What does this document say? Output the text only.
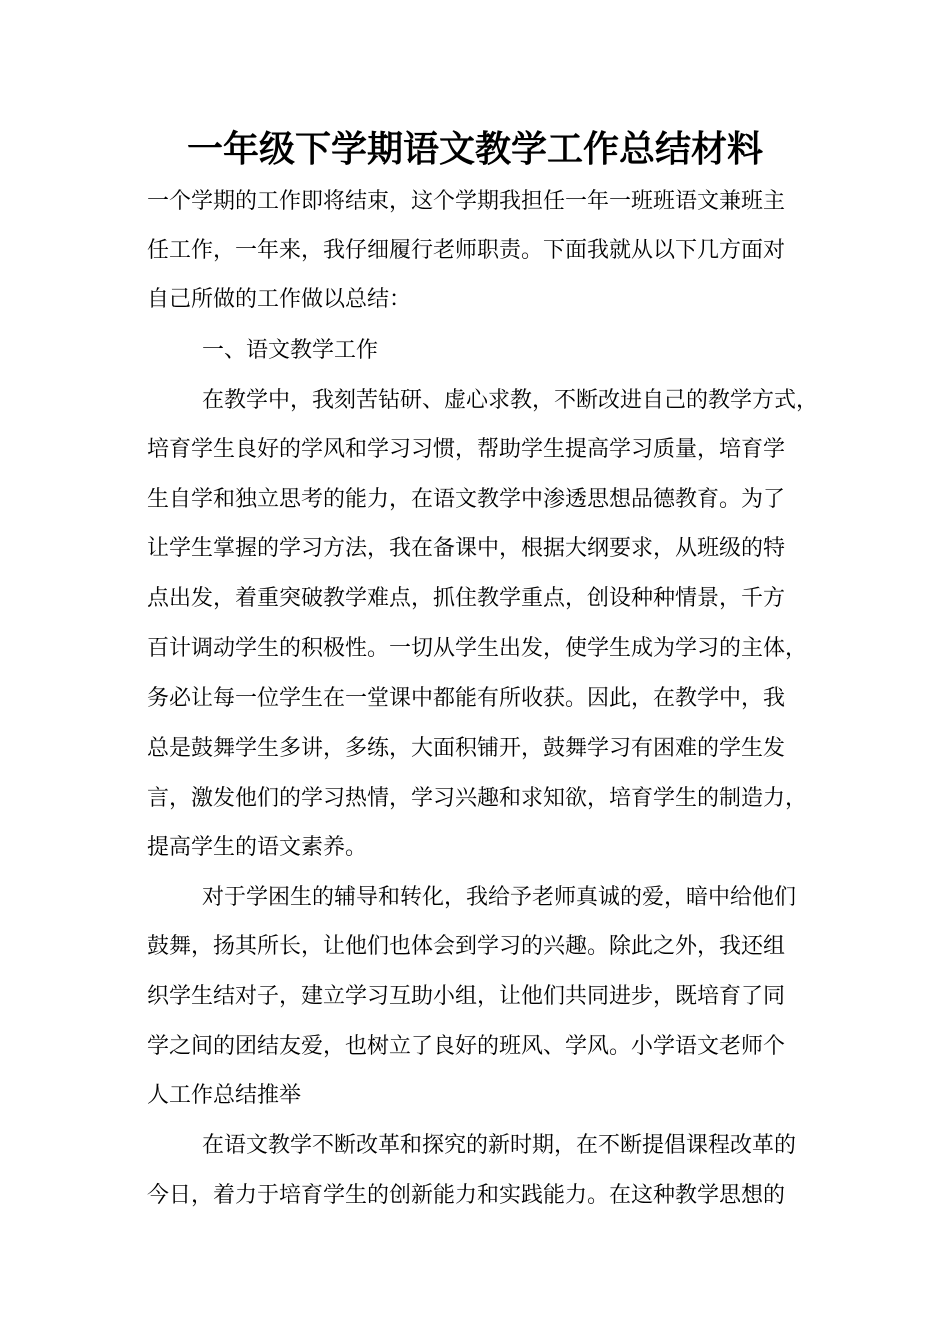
一年级下学期语文教学工作总结材料
一个学期的工作即将结束，这个学期我担任一年一班班语文兼班主
任工作，一年来，我仔细履行老师职责。下面我就从以下几方面对
自己所做的工作做以总结：
一、语文教学工作
在教学中，我刻苦钻研、虚心求教，不断改进自己的教学方式，
培育学生良好的学风和学习习惯，帮助学生提高学习质量，培育学
生自学和独立思考的能力，在语文教学中渗透思想品德教育。为了
让学生掌握的学习方法，我在备课中，根据大纲要求，从班级的特
点出发，着重突破教学难点，抓住教学重点，创设种种情景，千方
百计调动学生的积极性。一切从学生出发，使学生成为学习的主体，
务必让每一位学生在一堂课中都能有所收获。因此，在教学中，我
总是鼓舞学生多讲，多练，大面积铺开，鼓舞学习有困难的学生发
言，激发他们的学习热情，学习兴趣和求知欲，培育学生的制造力，
提高学生的语文素养。
对于学困生的辅导和转化，我给予老师真诚的爱，暗中给他们
鼓舞，扬其所长，让他们也体会到学习的兴趣。除此之外，我还组
织学生结对子，建立学习互助小组，让他们共同进步，既培育了同
学之间的团结友爱，也树立了良好的班风、学风。小学语文老师个
人工作总结推举
在语文教学不断改革和探究的新时期，在不断提倡课程改革的
今日，着力于培育学生的创新能力和实践能力。在这种教学思想的
